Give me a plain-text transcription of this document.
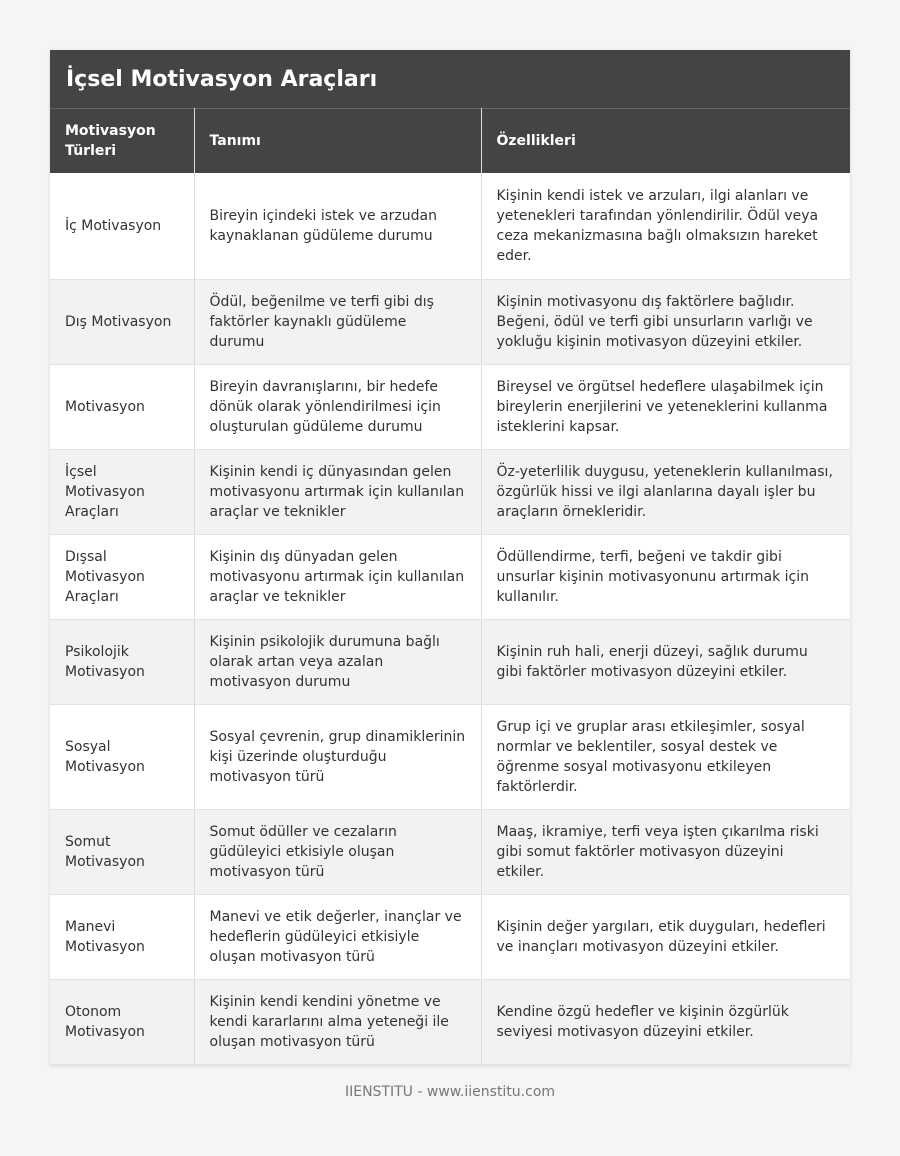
İçsel Motivasyon Araçları
Motivasyon Türleri	Tanımı	Özellikleri
İç Motivasyon	Bireyin içindeki istek ve arzudan kaynaklanan güdüleme durumu	Kişinin kendi istek ve arzuları, ilgi alanları ve yetenekleri tarafından yönlendirilir. Ödül veya ceza mekanizmasına bağlı olmaksızın hareket eder.
Dış Motivasyon	Ödül, beğenilme ve terfi gibi dış faktörler kaynaklı güdüleme durumu	Kişinin motivasyonu dış faktörlere bağlıdır. Beğeni, ödül ve terfi gibi unsurların varlığı ve yokluğu kişinin motivasyon düzeyini etkiler.
Motivasyon	Bireyin davranışlarını, bir hedefe dönük olarak yönlendirilmesi için oluşturulan güdüleme durumu	Bireysel ve örgütsel hedeflere ulaşabilmek için bireylerin enerjilerini ve yeteneklerini kullanma isteklerini kapsar.
İçsel Motivasyon Araçları	Kişinin kendi iç dünyasından gelen motivasyonu artırmak için kullanılan araçlar ve teknikler	Öz-yeterlilik duygusu, yeteneklerin kullanılması, özgürlük hissi ve ilgi alanlarına dayalı işler bu araçların örnekleridir.
Dışsal Motivasyon Araçları	Kişinin dış dünyadan gelen motivasyonu artırmak için kullanılan araçlar ve teknikler	Ödüllendirme, terfi, beğeni ve takdir gibi unsurlar kişinin motivasyonunu artırmak için kullanılır.
Psikolojik Motivasyon	Kişinin psikolojik durumuna bağlı olarak artan veya azalan motivasyon durumu	Kişinin ruh hali, enerji düzeyi, sağlık durumu gibi faktörler motivasyon düzeyini etkiler.
Sosyal Motivasyon	Sosyal çevrenin, grup dinamiklerinin kişi üzerinde oluşturduğu motivasyon türü	Grup içi ve gruplar arası etkileşimler, sosyal normlar ve beklentiler, sosyal destek ve öğrenme sosyal motivasyonu etkileyen faktörlerdir.
Somut Motivasyon	Somut ödüller ve cezaların güdüleyici etkisiyle oluşan motivasyon türü	Maaş, ikramiye, terfi veya işten çıkarılma riski gibi somut faktörler motivasyon düzeyini etkiler.
Manevi Motivasyon	Manevi ve etik değerler, inançlar ve hedeflerin güdüleyici etkisiyle oluşan motivasyon türü	Kişinin değer yargıları, etik duyguları, hedefleri ve inançları motivasyon düzeyini etkiler.
Otonom Motivasyon	Kişinin kendi kendini yönetme ve kendi kararlarını alma yeteneği ile oluşan motivasyon türü	Kendine özgü hedefler ve kişinin özgürlük seviyesi motivasyon düzeyini etkiler.
IIENSTITU - www.iienstitu.com
